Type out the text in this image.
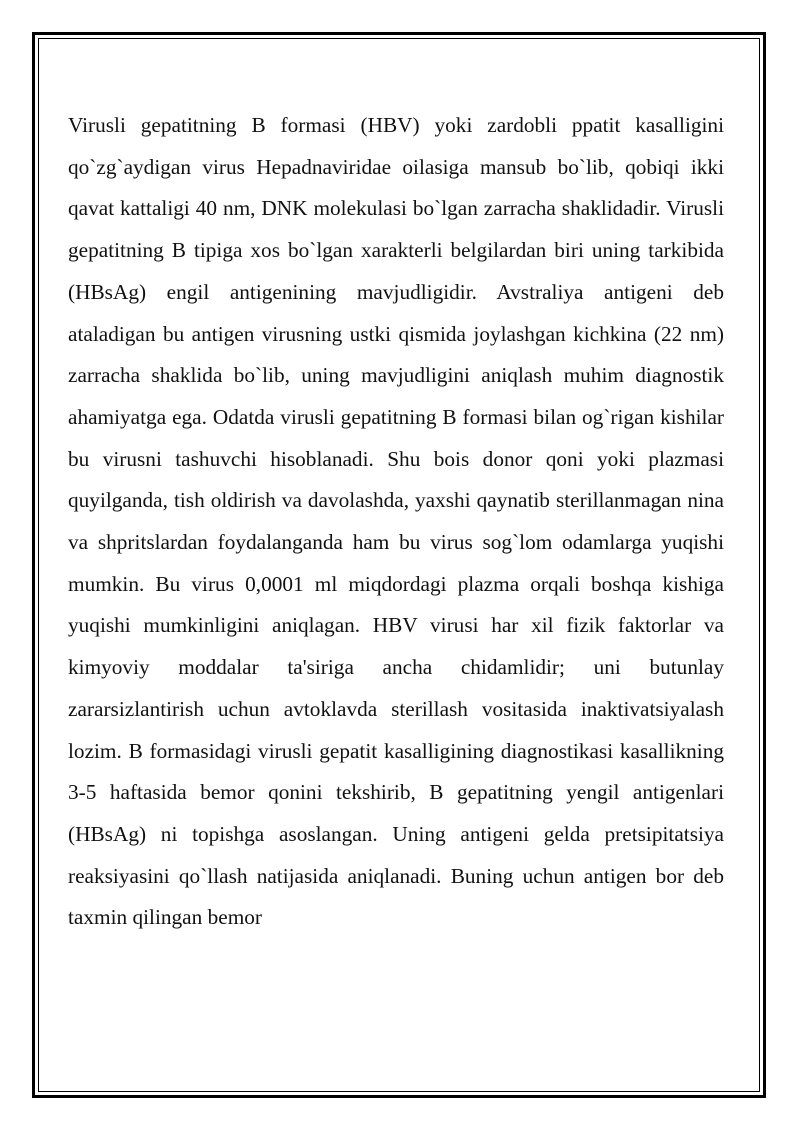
Virusli gepatitning B formasi (HBV) yoki zardobli ppatit kasalligini qo`zg`aydigan virus Hepadnaviridae oilasiga mansub bo`lib, qobiqi ikki qavat kattaligi 40 nm, DNK molekulasi bo`lgan zarracha shaklidadir. Virusli gepatitning B tipiga xos bo`lgan xarakterli belgilardan biri uning tarkibida (HBsAg) engil antigenining mavjudligidir. Avstraliya antigeni deb ataladigan bu antigen virusning ustki qismida joylashgan kichkina (22 nm) zarracha shaklida bo`lib, uning mavjudligini aniqlash muhim diagnostik ahamiyatga ega. Odatda virusli gepatitning B formasi bilan og`rigan kishilar bu virusni tashuvchi hisoblanadi. Shu bois donor qoni yoki plazmasi quyilganda, tish oldirish va davolashda, yaxshi qaynatib sterillanmagan nina va shpritslardan foydalanganda ham bu virus sog`lom odamlarga yuqishi mumkin. Bu virus 0,0001 ml miqdordagi plazma orqali boshqa kishiga yuqishi mumkinligini aniqlagan. HBV virusi har xil fizik faktorlar va kimyoviy moddalar ta'siriga ancha chidamlidir; uni butunlay zararsizlantirish uchun avtoklavda sterillash vositasida inaktivatsiyalash lozim. B formasidagi virusli gepatit kasalligining diagnostikasi kasallikning 3-5 haftasida bemor qonini tekshirib, B gepatitning yengil antigenlari (HBsAg) ni topishga asoslangan. Uning antigeni gelda pretsipitatsiya reaksiyasini qo`llash natijasida aniqlanadi. Buning uchun antigen bor deb taxmin qilingan bemor
